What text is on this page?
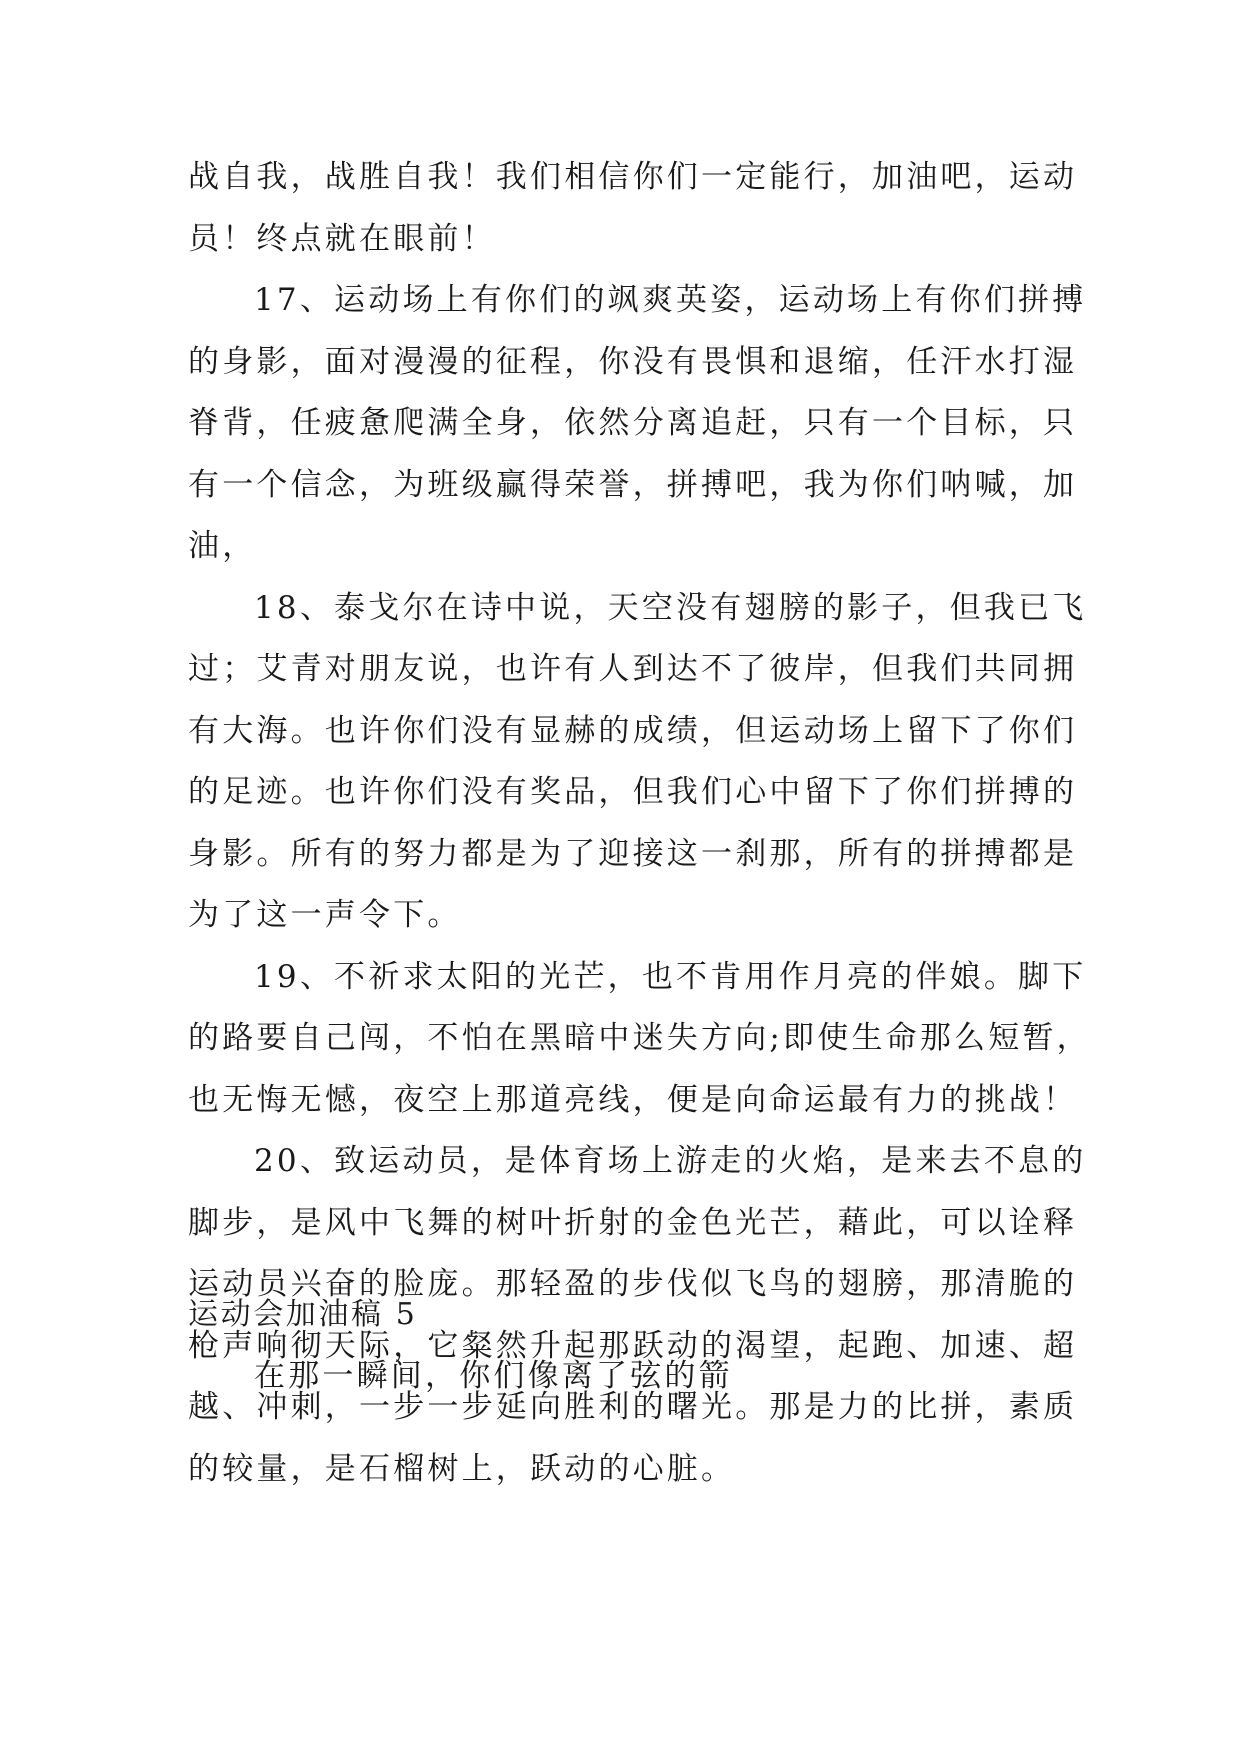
战自我，战胜自我！我们相信你们一定能行，加油吧，运动
员！终点就在眼前！
17、运动场上有你们的飒爽英姿，运动场上有你们拼搏
的身影，面对漫漫的征程，你没有畏惧和退缩，任汗水打湿
脊背，任疲惫爬满全身，依然分离追赶，只有一个目标，只
有一个信念，为班级赢得荣誉，拼搏吧，我为你们呐喊，加
油，
18、泰戈尔在诗中说，天空没有翅膀的影子，但我已飞
过；艾青对朋友说，也许有人到达不了彼岸，但我们共同拥
有大海。也许你们没有显赫的成绩，但运动场上留下了你们
的足迹。也许你们没有奖品，但我们心中留下了你们拼搏的
身影。所有的努力都是为了迎接这一刹那，所有的拼搏都是
为了这一声令下。
19、不祈求太阳的光芒，也不肯用作月亮的伴娘。脚下
的路要自己闯，不怕在黑暗中迷失方向;即使生命那么短暂，
也无悔无憾，夜空上那道亮线，便是向命运最有力的挑战！
20、致运动员，是体育场上游走的火焰，是来去不息的
脚步，是风中飞舞的树叶折射的金色光芒，藉此，可以诠释
运动员兴奋的脸庞。那轻盈的步伐似飞鸟的翅膀，那清脆的
枪声响彻天际，它粲然升起那跃动的渴望，起跑、加速、超
越、冲刺，一步一步延向胜利的曙光。那是力的比拼，素质
的较量，是石榴树上，跃动的心脏。
运动会加油稿 5
在那一瞬间，你们像离了弦的箭
